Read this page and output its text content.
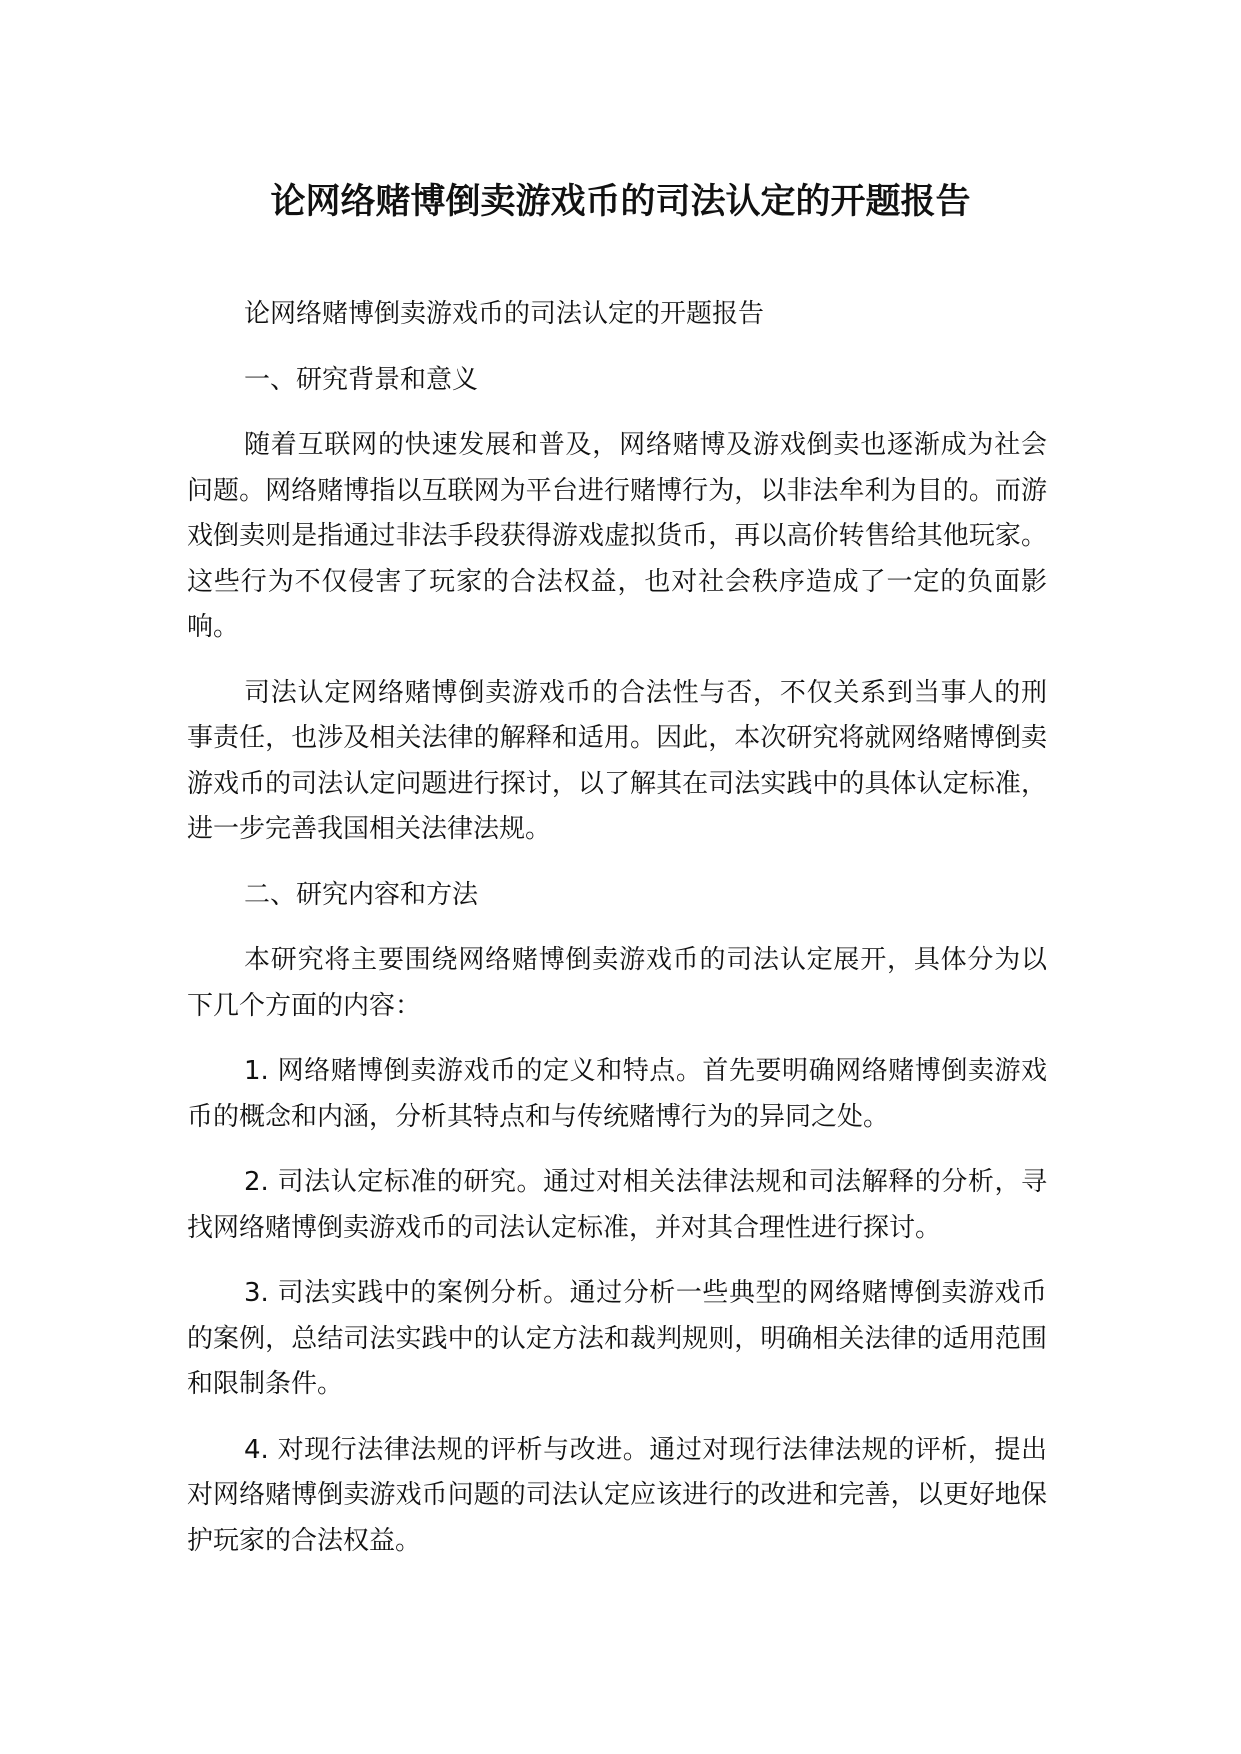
论网络赌博倒卖游戏币的司法认定的开题报告

论网络赌博倒卖游戏币的司法认定的开题报告

一、研究背景和意义

随着互联网的快速发展和普及，网络赌博及游戏倒卖也逐渐成为社会问题。网络赌博指以互联网为平台进行赌博行为，以非法牟利为目的。而游戏倒卖则是指通过非法手段获得游戏虚拟货币，再以高价转售给其他玩家。这些行为不仅侵害了玩家的合法权益，也对社会秩序造成了一定的负面影响。

司法认定网络赌博倒卖游戏币的合法性与否，不仅关系到当事人的刑事责任，也涉及相关法律的解释和适用。因此，本次研究将就网络赌博倒卖游戏币的司法认定问题进行探讨，以了解其在司法实践中的具体认定标准，进一步完善我国相关法律法规。

二、研究内容和方法

本研究将主要围绕网络赌博倒卖游戏币的司法认定展开，具体分为以下几个方面的内容：

1. 网络赌博倒卖游戏币的定义和特点。首先要明确网络赌博倒卖游戏币的概念和内涵，分析其特点和与传统赌博行为的异同之处。

2. 司法认定标准的研究。通过对相关法律法规和司法解释的分析，寻找网络赌博倒卖游戏币的司法认定标准，并对其合理性进行探讨。

3. 司法实践中的案例分析。通过分析一些典型的网络赌博倒卖游戏币的案例，总结司法实践中的认定方法和裁判规则，明确相关法律的适用范围和限制条件。

4. 对现行法律法规的评析与改进。通过对现行法律法规的评析，提出对网络赌博倒卖游戏币问题的司法认定应该进行的改进和完善，以更好地保护玩家的合法权益。
